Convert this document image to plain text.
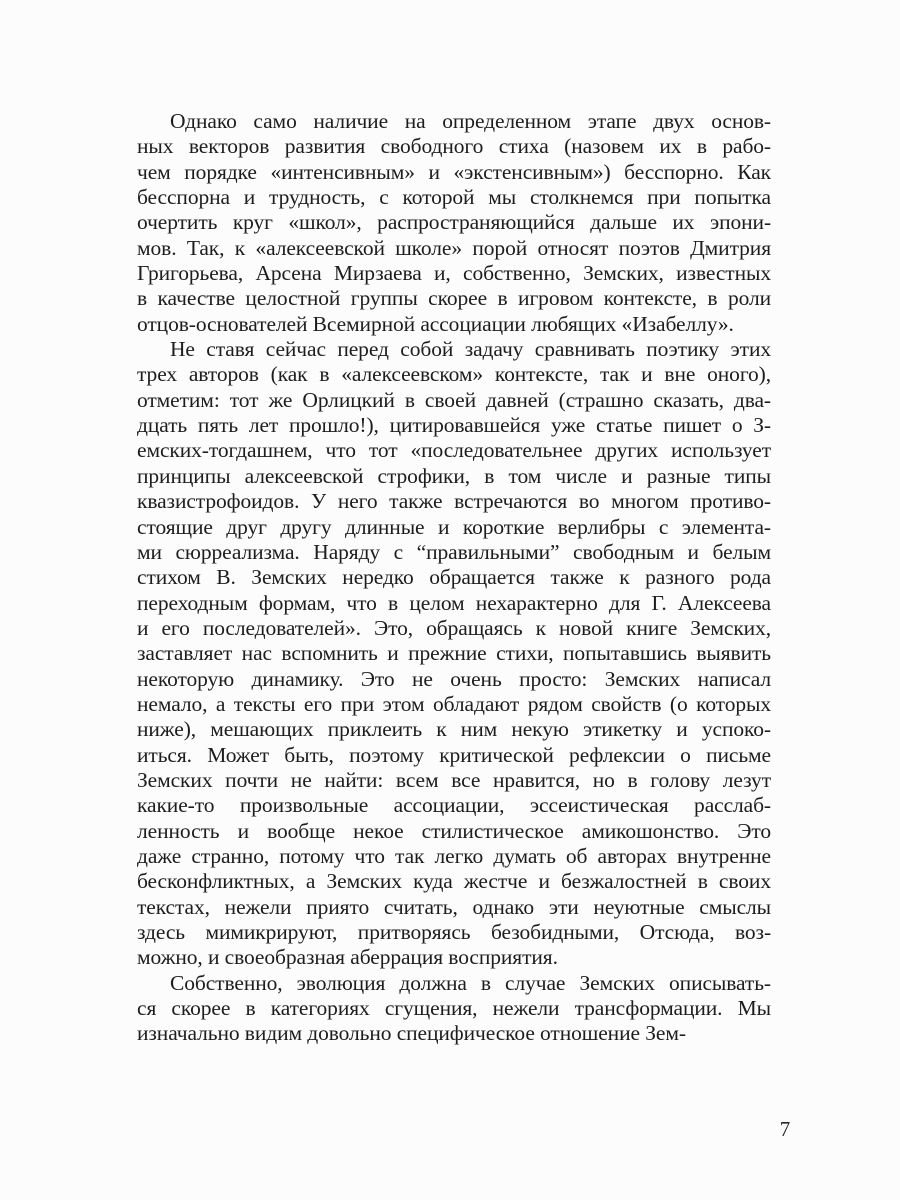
Однако само наличие на определенном этапе двух основ-
ных векторов развития свободного стиха (назовем их в рабо-
чем порядке «интенсивным» и «экстенсивным») бесспорно. Как
бесспорна и трудность, с которой мы столкнемся при попытка
очертить круг «школ», распространяющийся дальше их эпони-
мов. Так, к «алексеевской школе» порой относят поэтов Дмитрия
Григорьева, Арсена Мирзаева и, собственно, Земских, известных
в качестве целостной группы скорее в игровом контексте, в роли
отцов-основателей Всемирной ассоциации любящих «Изабеллу».
Не ставя сейчас перед собой задачу сравнивать поэтику этих
трех авторов (как в «алексеевском» контексте, так и вне оного),
отметим: тот же Орлицкий в своей давней (страшно сказать, два-
дцать пять лет прошло!), цитировавшейся уже статье пишет о З-
емских-тогдашнем, что тот «последовательнее других использует
принципы алексеевской строфики, в том числе и разные типы
квазистрофоидов. У него также встречаются во многом противо-
стоящие друг другу длинные и короткие верлибры с элемента-
ми сюрреализма. Наряду с “правильными” свободным и белым
стихом В. Земских нередко обращается также к разного рода
переходным формам, что в целом нехарактерно для Г. Алексеева
и его последователей». Это, обращаясь к новой книге Земских,
заставляет нас вспомнить и прежние стихи, попытавшись выявить
некоторую динамику. Это не очень просто: Земских написал
немало, а тексты его при этом обладают рядом свойств (о которых
ниже), мешающих приклеить к ним некую этикетку и успоко-
иться. Может быть, поэтому критической рефлексии о письме
Земских почти не найти: всем все нравится, но в голову лезут
какие-то произвольные ассоциации, эссеистическая расслаб-
ленность и вообще некое стилистическое амикошонство. Это
даже странно, потому что так легко думать об авторах внутренне
бесконфликтных, а Земских куда жестче и безжалостней в своих
текстах, нежели приято считать, однако эти неуютные смыслы
здесь мимикрируют, притворяясь безобидными, Отсюда, воз-
можно, и своеобразная аберрация восприятия.
Собственно, эволюция должна в случае Земских описывать-
ся скорее в категориях сгущения, нежели трансформации. Мы
изначально видим довольно специфическое отношение Зем-
7
